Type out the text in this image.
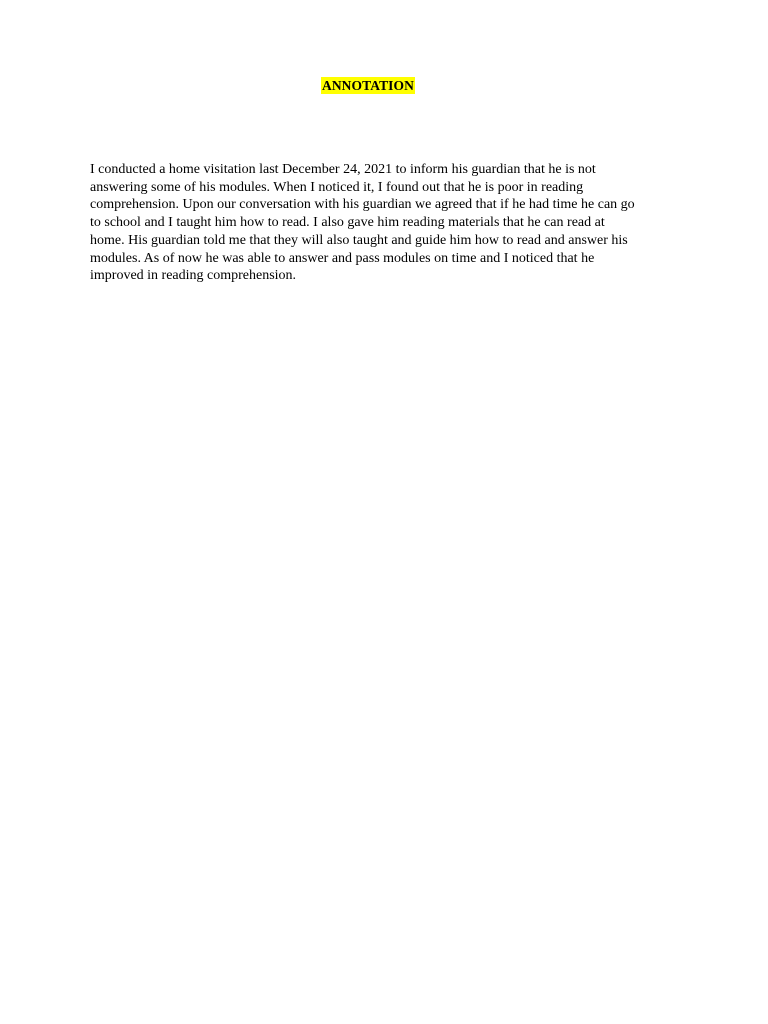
ANNOTATION
I conducted a home visitation last December 24, 2021 to inform his guardian that he is not
answering some of his modules. When I noticed it, I found out that he is poor in reading
comprehension. Upon our conversation with his guardian we agreed that if he had time he can go
to school and I taught him how to read. I also gave him reading materials that he can read at
home. His guardian told me that they will also taught and guide him how to read and answer his
modules. As of now he was able to answer and pass modules on time and I noticed that he
improved in reading comprehension.
